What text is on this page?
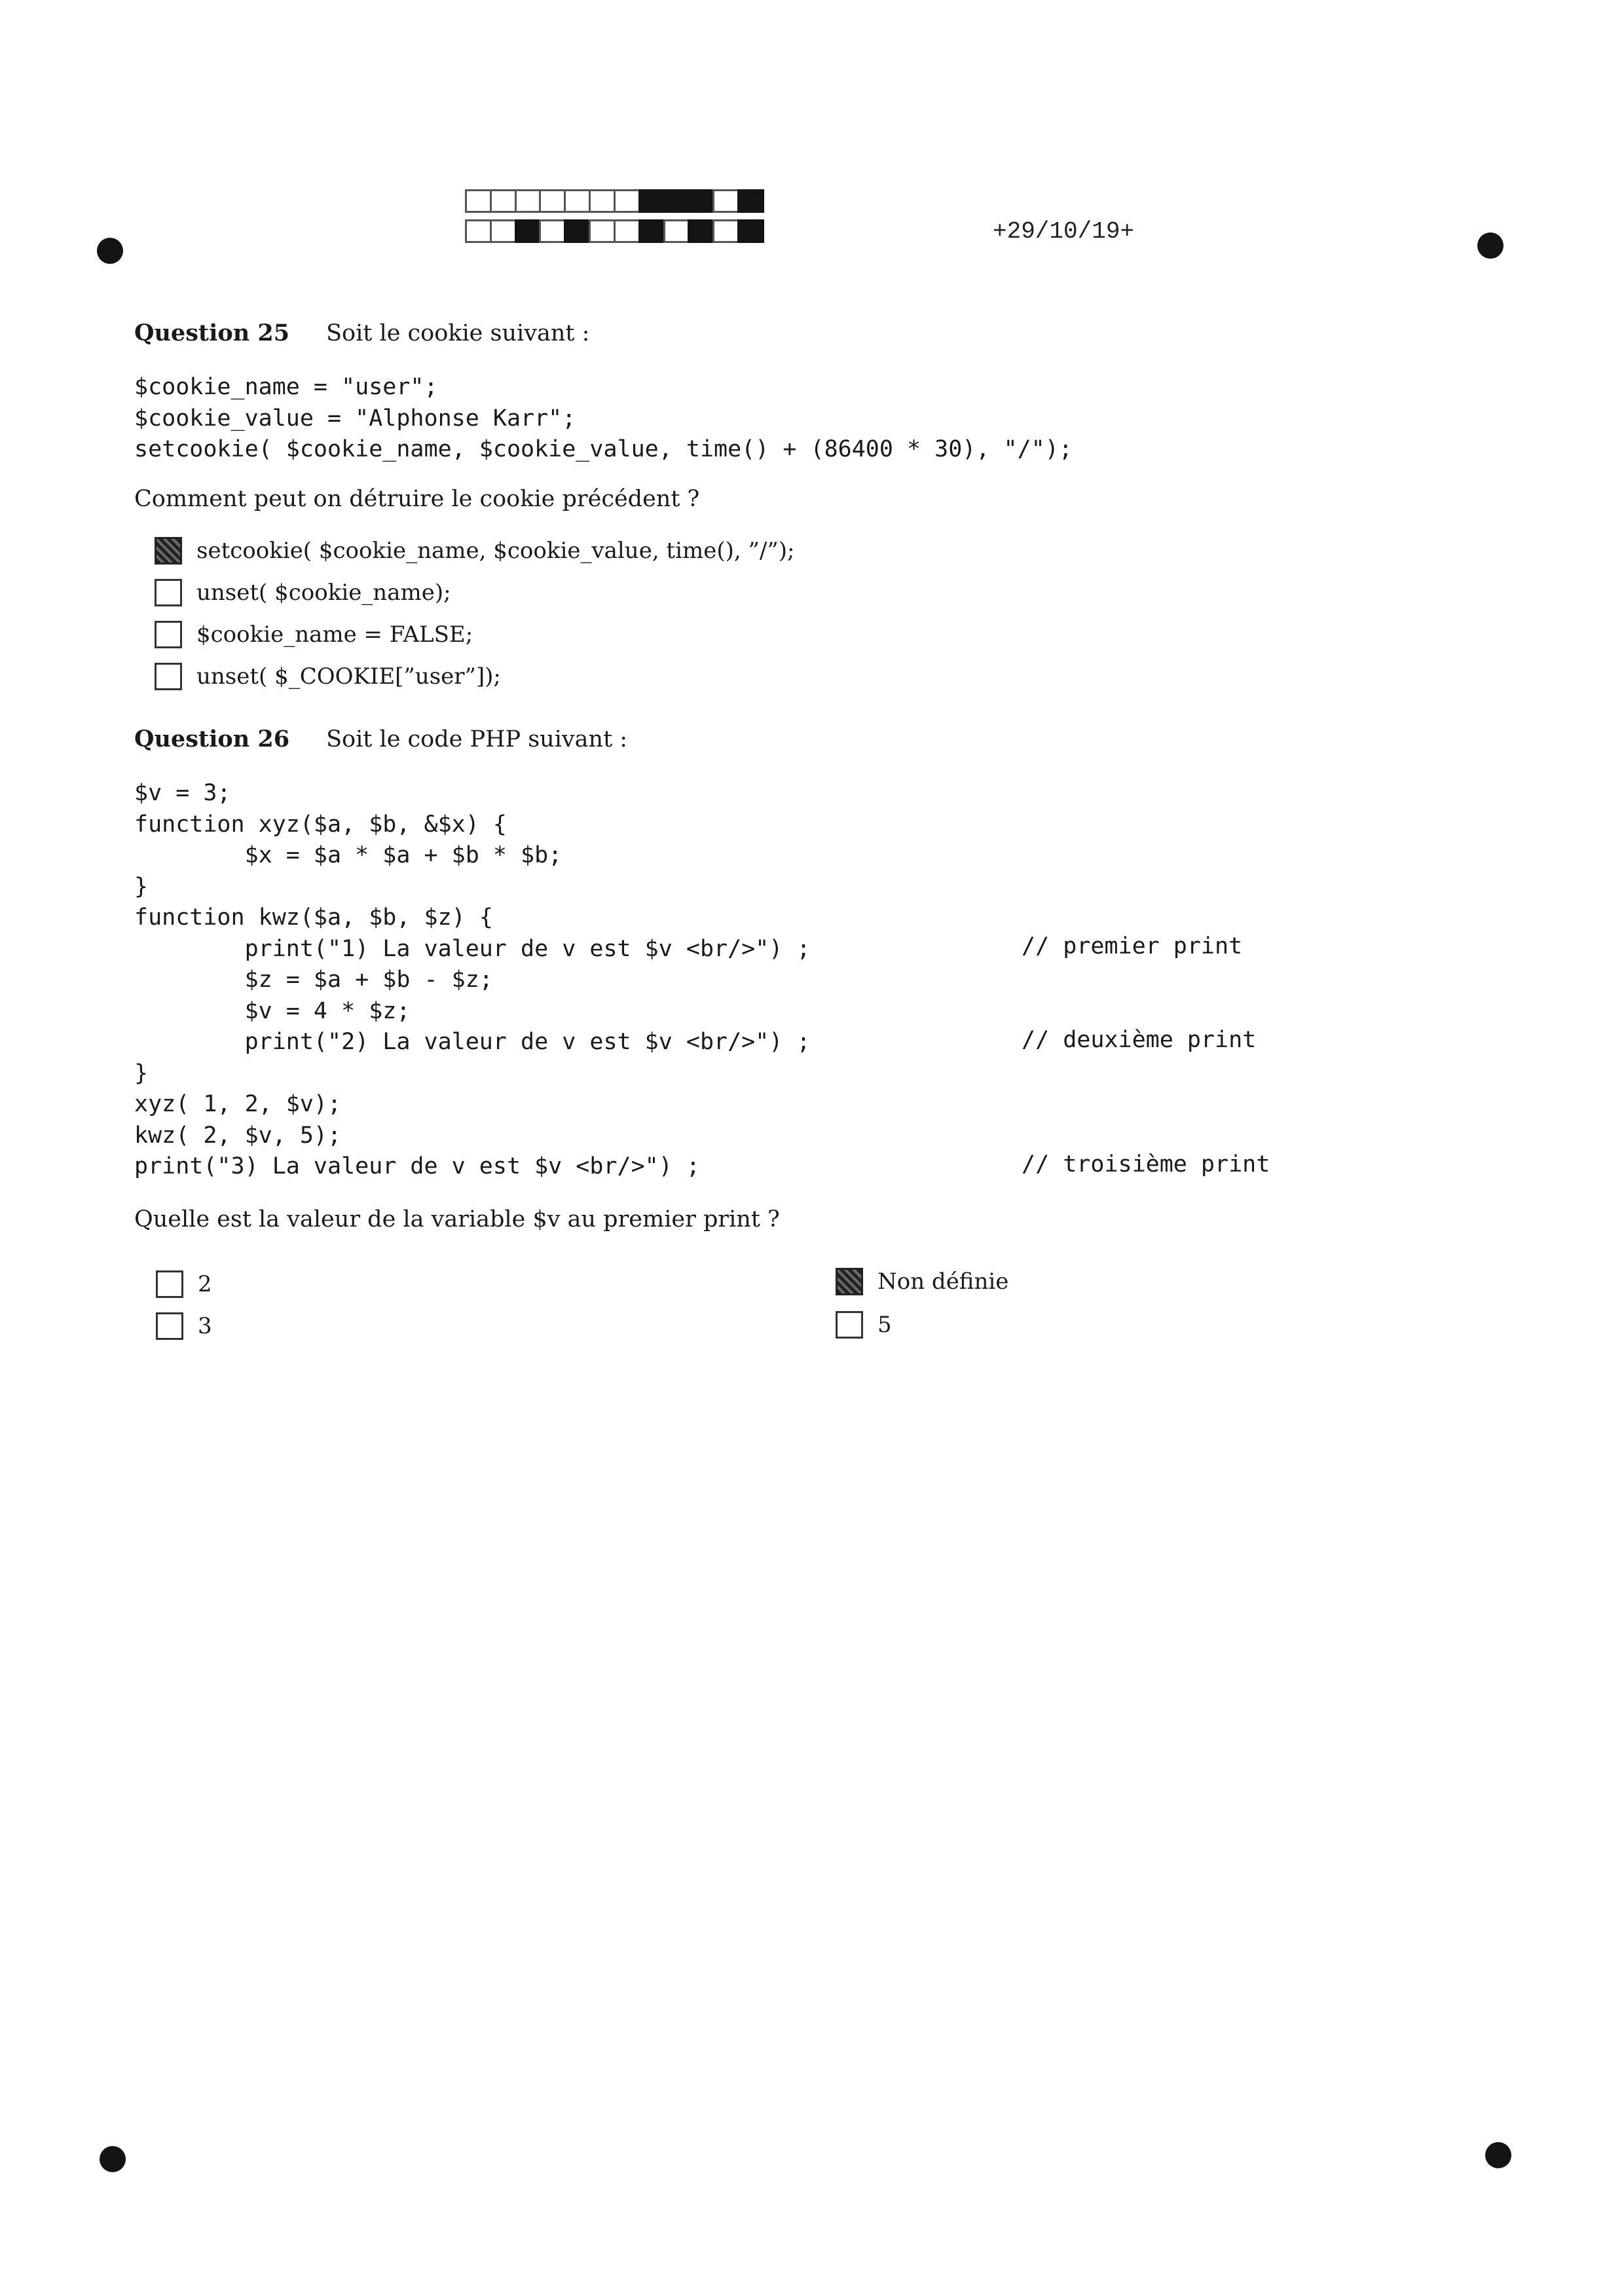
+29/10/19+
Question 25 Soit le cookie suivant :
$cookie_name = "user";
$cookie_value = "Alphonse Karr";
setcookie( $cookie_name, $cookie_value, time() + (86400 * 30), "/");
Comment peut on détruire le cookie précédent ?
setcookie( $cookie_name, $cookie_value, time(), ”/”);
unset( $cookie_name);
$cookie_name = FALSE;
unset( $_COOKIE[”user”]);
Question 26 Soit le code PHP suivant :
$v = 3;
function xyz($a, $b, &$x) {
$x = $a * $a + $b * $b;
}
function kwz($a, $b, $z) {
print("1) La valeur de v est $v <br/>") ;
$z = $a + $b - $z;
$v = 4 * $z;
print("2) La valeur de v est $v <br/>") ;
}
xyz( 1, 2, $v);
kwz( 2, $v, 5);
print("3) La valeur de v est $v <br/>") ;
// premier print
// deuxième print
// troisième print
Quelle est la valeur de la variable $v au premier print ?
2
3
Non définie
5
